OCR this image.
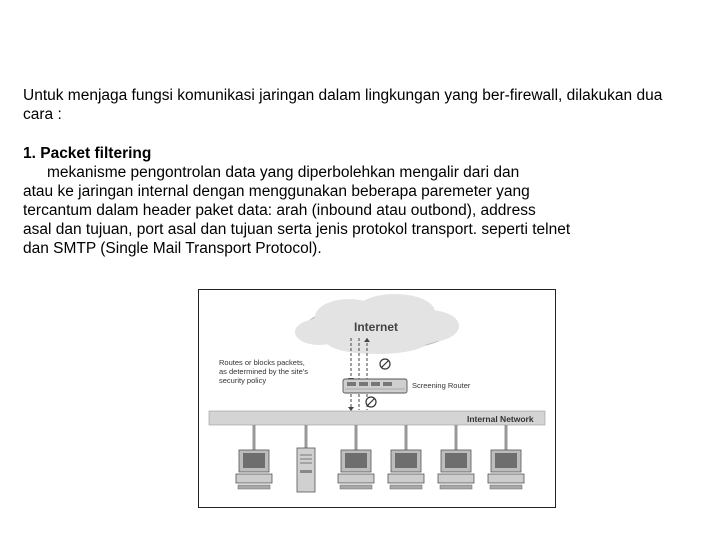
Untuk menjaga fungsi komunikasi jaringan dalam lingkungan yang ber-firewall, dilakukan dua cara :

1. Packet filtering

mekanisme pengontrolan data yang diperbolehkan mengalir dari dan
atau ke jaringan internal dengan menggunakan beberapa paremeter yang
tercantum dalam header paket data: arah (inbound atau outbond), address
asal dan tujuan, port asal dan tujuan serta jenis protokol transport. seperti telnet
dan SMTP (Single Mail Transport Protocol).

Internal Network
Internet
Screening Router
Routes or blocks packets,
as determined by the site's
security policy
